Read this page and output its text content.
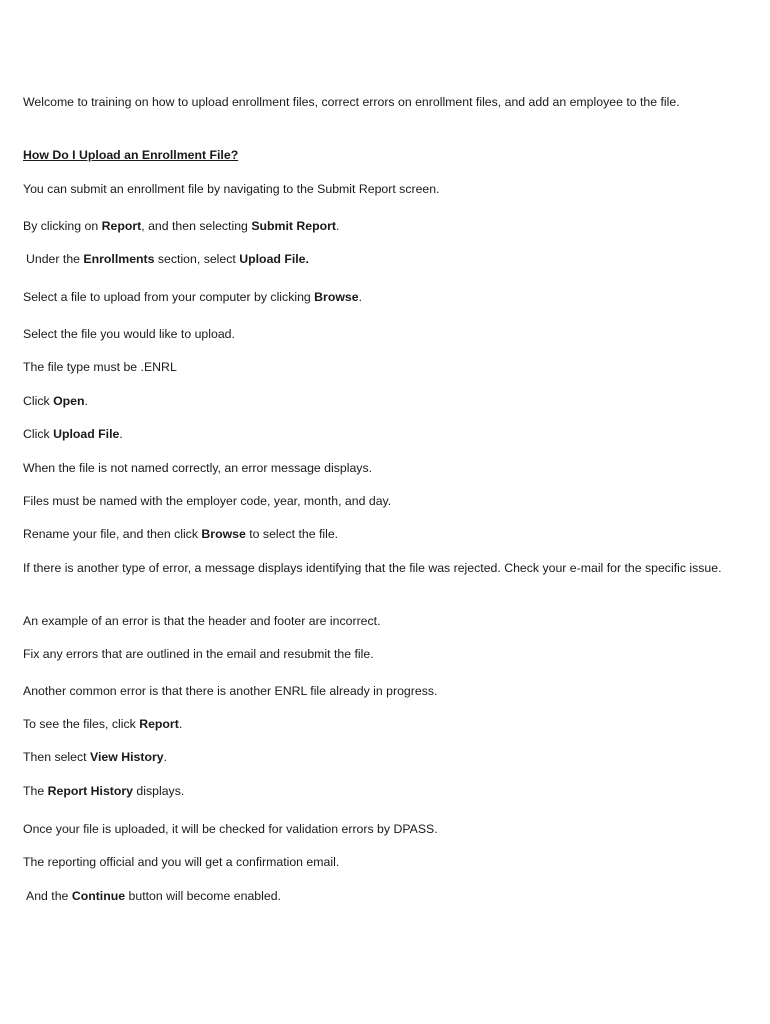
Welcome to training on how to upload enrollment files, correct errors on enrollment files, and add an employee to the file.
How Do I Upload an Enrollment File?
You can submit an enrollment file by navigating to the Submit Report screen.
By clicking on Report, and then selecting Submit Report.
Under the Enrollments section, select Upload File.
Select a file to upload from your computer by clicking Browse.
Select the file you would like to upload.
The file type must be .ENRL
Click Open.
Click Upload File.
When the file is not named correctly, an error message displays.
Files must be named with the employer code, year, month, and day.
Rename your file, and then click Browse to select the file.
If there is another type of error, a message displays identifying that the file was rejected. Check your e-mail for the specific issue.
An example of an error is that the header and footer are incorrect.
Fix any errors that are outlined in the email and resubmit the file.
Another common error is that there is another ENRL file already in progress.
To see the files, click Report.
Then select View History.
The Report History displays.
Once your file is uploaded, it will be checked for validation errors by DPASS.
The reporting official and you will get a confirmation email.
And the Continue button will become enabled.
